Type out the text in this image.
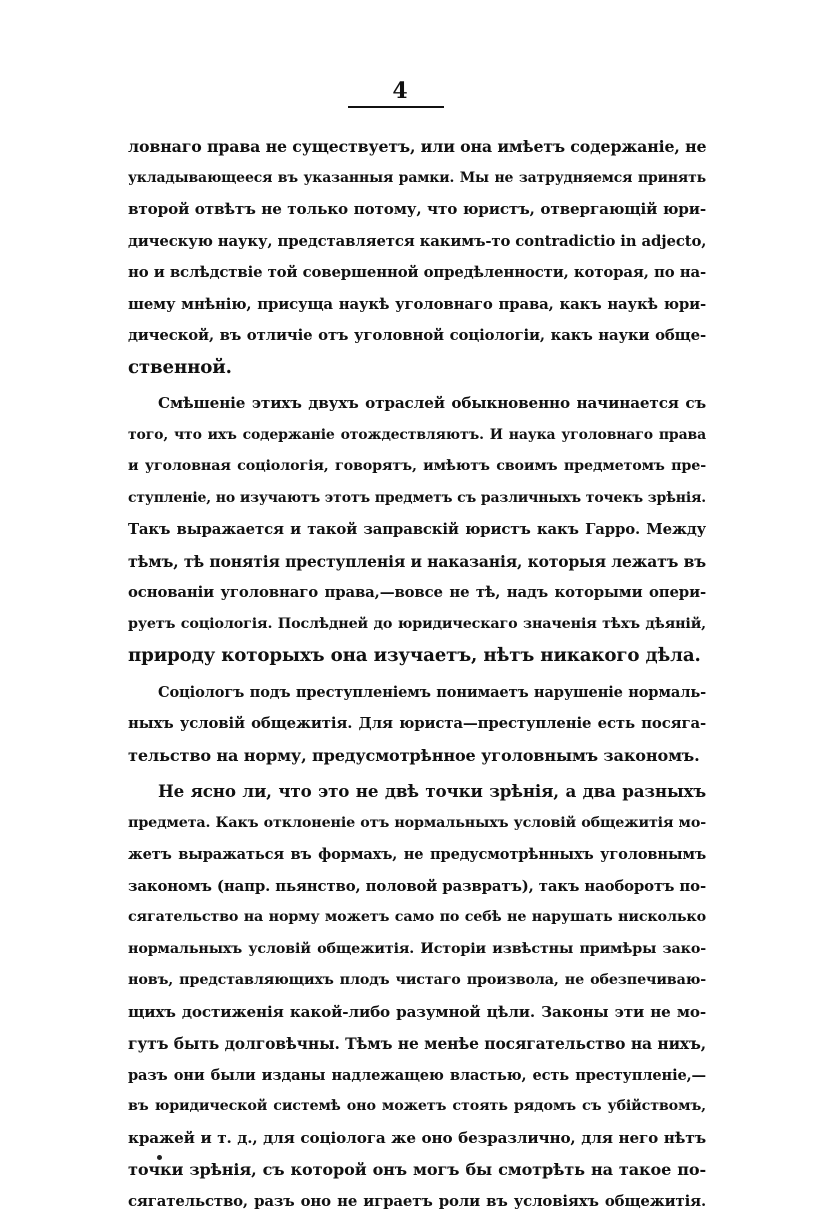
4
ловнаго права не существуетъ, или она имѣетъ содержаніе, не
укладывающееся въ указанныя рамки. Мы не затрудняемся принять
второй отвѣтъ не только потому, что юристъ, отвергающій юри-
дическую науку, представляется какимъ-то contradictio in adjecto,
но и вслѣдствіе той совершенной опредѣленности, которая, по на-
шему мнѣнію, присуща наукѣ уголовнаго права, какъ наукѣ юри-
дической, въ отличіе отъ уголовной соціологіи, какъ науки обще-
ственной.
Смѣшеніе этихъ двухъ отраслей обыкновенно начинается съ
того, что ихъ содержаніе отождествляютъ. И наука уголовнаго права
и уголовная соціологія, говорятъ, имѣютъ своимъ предметомъ пре-
ступленіе, но изучаютъ этотъ предметъ съ различныхъ точекъ зрѣнія.
Такъ выражается и такой заправскій юристъ какъ Гарро. Между
тѣмъ, тѣ понятія преступленія и наказанія, которыя лежатъ въ
основаніи уголовнаго права,—вовсе не тѣ, надъ которыми опери-
руетъ соціологія. Послѣдней до юридическаго значенія тѣхъ дѣяній,
природу которыхъ она изучаетъ, нѣтъ никакого дѣла.
Соціологъ подъ преступленіемъ понимаетъ нарушеніе нормаль-
ныхъ условій общежитія. Для юриста—преступленіе есть посяга-
тельство на норму, предусмотрѣнное уголовнымъ закономъ.
Не ясно ли, что это не двѣ точки зрѣнія, а два разныхъ
предмета. Какъ отклоненіе отъ нормальныхъ условій общежитія мо-
жетъ выражаться въ формахъ, не предусмотрѣнныхъ уголовнымъ
закономъ (напр. пьянство, половой развратъ), такъ наоборотъ по-
сягательство на норму можетъ само по себѣ не нарушать нисколько
нормальныхъ условій общежитія. Исторіи извѣстны примѣры зако-
новъ, представляющихъ плодъ чистаго произвола, не обезпечиваю-
щихъ достиженія какой-либо разумной цѣли. Законы эти не мо-
гутъ быть долговѣчны. Тѣмъ не менѣе посягательство на нихъ,
разъ они были изданы надлежащею властью, есть преступленіе,—
въ юридической системѣ оно можетъ стоять рядомъ съ убійствомъ,
кражей и т. д., для соціолога же оно безразлично, для него нѣтъ
точки зрѣнія, съ которой онъ могъ бы смотрѣть на такое по-
сягательство, разъ оно не играетъ роли въ условіяхъ общежитія.
